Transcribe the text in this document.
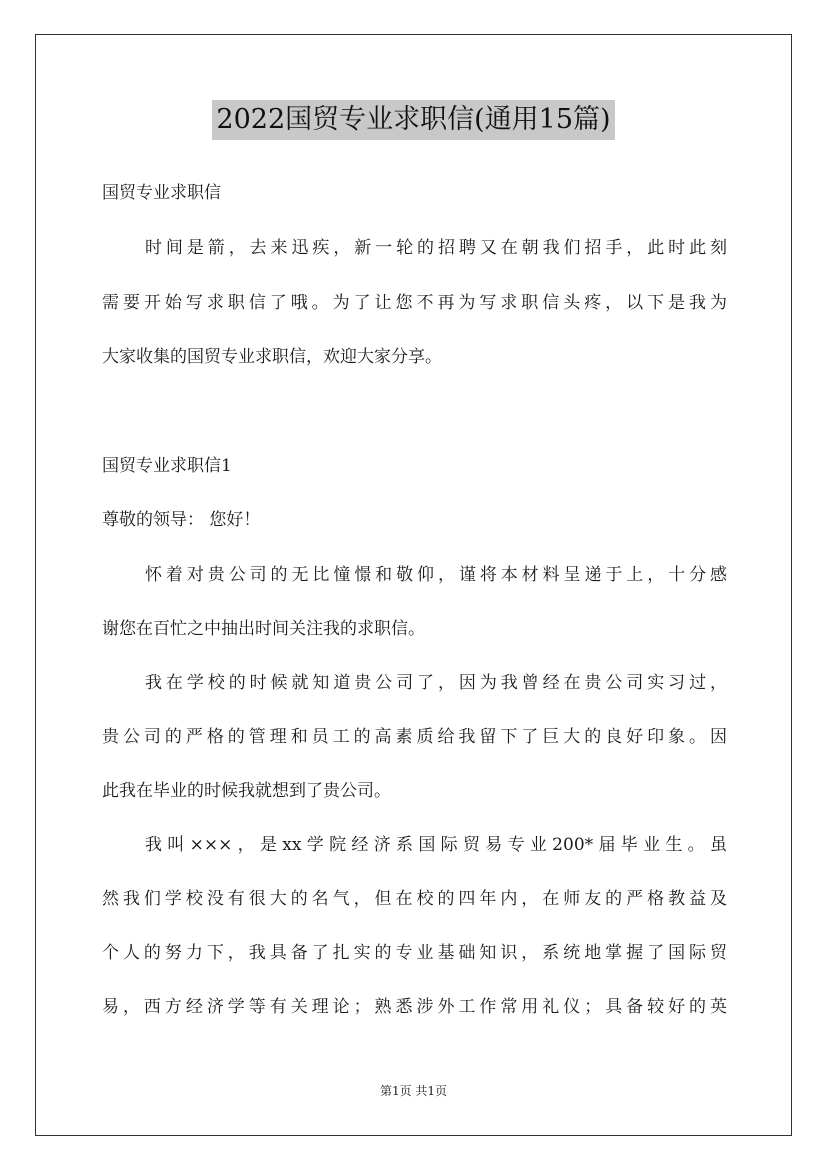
2022国贸专业求职信(通用15篇)
国贸专业求职信
时间是箭，去来迅疾，新一轮的招聘又在朝我们招手，此时此刻
需要开始写求职信了哦。为了让您不再为写求职信头疼，以下是我为
大家收集的国贸专业求职信，欢迎大家分享。
国贸专业求职信1
尊敬的领导： 您好！
怀着对贵公司的无比憧憬和敬仰，谨将本材料呈递于上，十分感
谢您在百忙之中抽出时间关注我的求职信。
我在学校的时候就知道贵公司了，因为我曾经在贵公司实习过，
贵公司的严格的管理和员工的高素质给我留下了巨大的良好印象。因
此我在毕业的时候我就想到了贵公司。
我叫×××，是xx学院经济系国际贸易专业200*届毕业生。虽
然我们学校没有很大的名气，但在校的四年内，在师友的严格教益及
个人的努力下，我具备了扎实的专业基础知识，系统地掌握了国际贸
易，西方经济学等有关理论；熟悉涉外工作常用礼仪；具备较好的英
第1页 共1页
